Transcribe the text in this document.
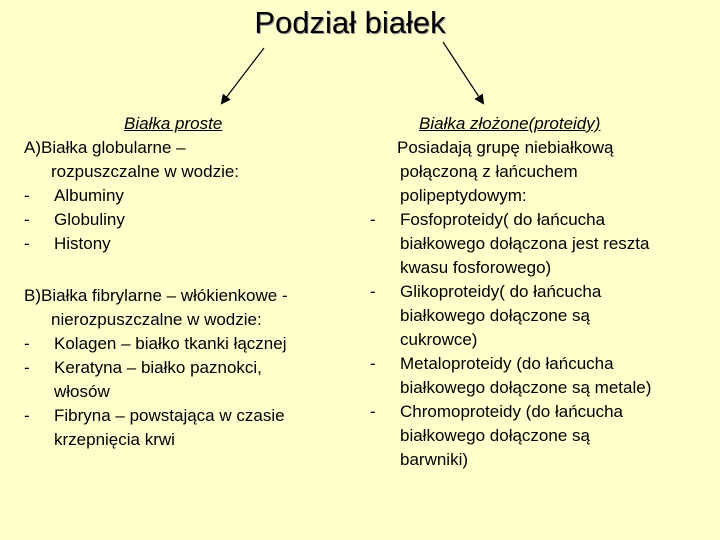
Podział białek
Białka proste
A)Białka globularne –
rozpuszczalne w wodzie:
- Albuminy
- Globuliny
- Histony
B)Białka fibrylarne – włókienkowe -
nierozpuszczalne w wodzie:
- Kolagen – białko tkanki łącznej
- Keratyna – białko paznokci,
włosów
- Fibryna – powstająca w czasie
krzepnięcia krwi
Białka złożone(proteidy)
Posiadają grupę niebiałkową
połączoną z łańcuchem
polipeptydowym:
- Fosfoproteidy( do łańcucha
białkowego dołączona jest reszta
kwasu fosforowego)
- Glikoproteidy( do łańcucha
białkowego dołączone są
cukrowce)
- Metaloproteidy (do łańcucha
białkowego dołączone są metale)
- Chromoproteidy (do łańcucha
białkowego dołączone są
barwniki)
